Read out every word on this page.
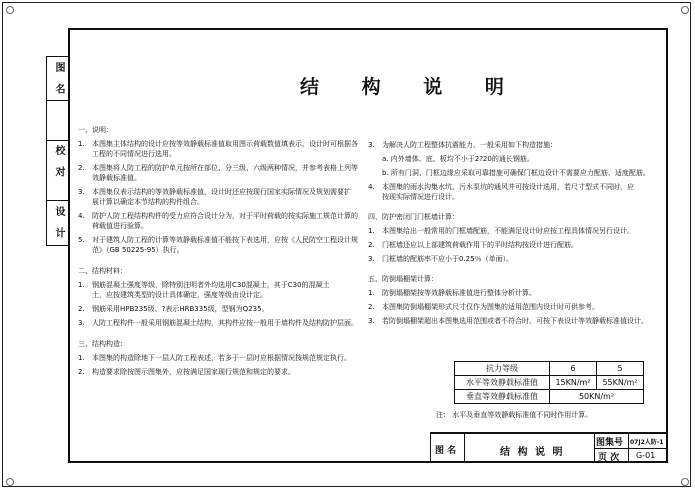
图 名
校 对
设 计
结 构 说 明
一、说明：
1.	本图集主体结构的设计应按等效静载标准值取用图示荷载数值填表示，设计时可根据各
工程的不同情况进行选用。
2.	本图集将人防工程的防护单元按所在部位、分三级、六级两种情况，并参考表格上列等
效静载标准值。
3.	本图集仅表示结构的等效静载标准值，设计时还应按现行国家实际情况及规划需要扩
展计算以确定本节结构的构件组合。
4.	防护人防工程结构构件的受力应符合设计分为，对于平时荷载的按实际施工规范计算的
荷载值进行验算。
5.	对于建筑人防工程的计算等效静载标准值不能按下表选用，应按《人民防空工程设计规
范》（GB 50225-95）执行。
二、结构材料：
1.	钢筋混凝土强度等级，除特别注明者外均选用C30混凝土，其于C30的混凝土
土，应按建筑类型的设计具体确定，强度等级由设计定。
2.	钢筋采用HPB235级、?表示HRB335级，型钢为Q235。
3.	人防工程构件一般采用钢筋混凝土结构，其构件应按一般用于墙构件及结构防护层面。
三、结构构造：
1.	本图集的构造除地下一层人防工程表述，若多于一层时应根据情况按规范规定执行。
2.	构造要求除按图示图集外，应按满足国家现行规范和规定的要求。
3.	为解决人防工程整体抗震能力，一般采用如下构造措施：
a. 内外墙体、底、板均不小于2?20的通长钢筋。
b. 所有门洞、门框边缘应采取可靠措施可确保门框边设计不需要应力配筋、适度配筋。
4.	本图集的雨水沟集水坑、污水泵坑的通风井可按设计选用，若尺寸型式不同时，应
按现实际情况进行设计。
四、防护密闭门门框墙计算：
1.	本图集给出一般常用的门框墙配筋，不能满足设计时应按工程具体情况另行设计。
2.	门框墙还应以上部建筑荷载作用下的平时结构按设计进行配筋。
3.	门框墙的配筋率不应小于0.25％（单面）。
五、防倒塌棚架计算：
1.	防倒塌棚架按等效静载标准值进行整体分析计算。
2.	本图集防倒塌棚架形式尺寸仅作为图集的适用范围内设计时可供参考。
3.	若防倒塌棚架超出本图集选用范围或者不符合时，可按下表设计等效静载标准值设计。
抗力等级	6	5
水平等效静载标准值	15KN/m²	55KN/m²
垂直等效静载标准值	50KN/m²	
注： 水平及垂直等效静载标准值不同时作用计算。
图 名	结 构 说 明
图集号 07J2人防-1
页 次 G-01
